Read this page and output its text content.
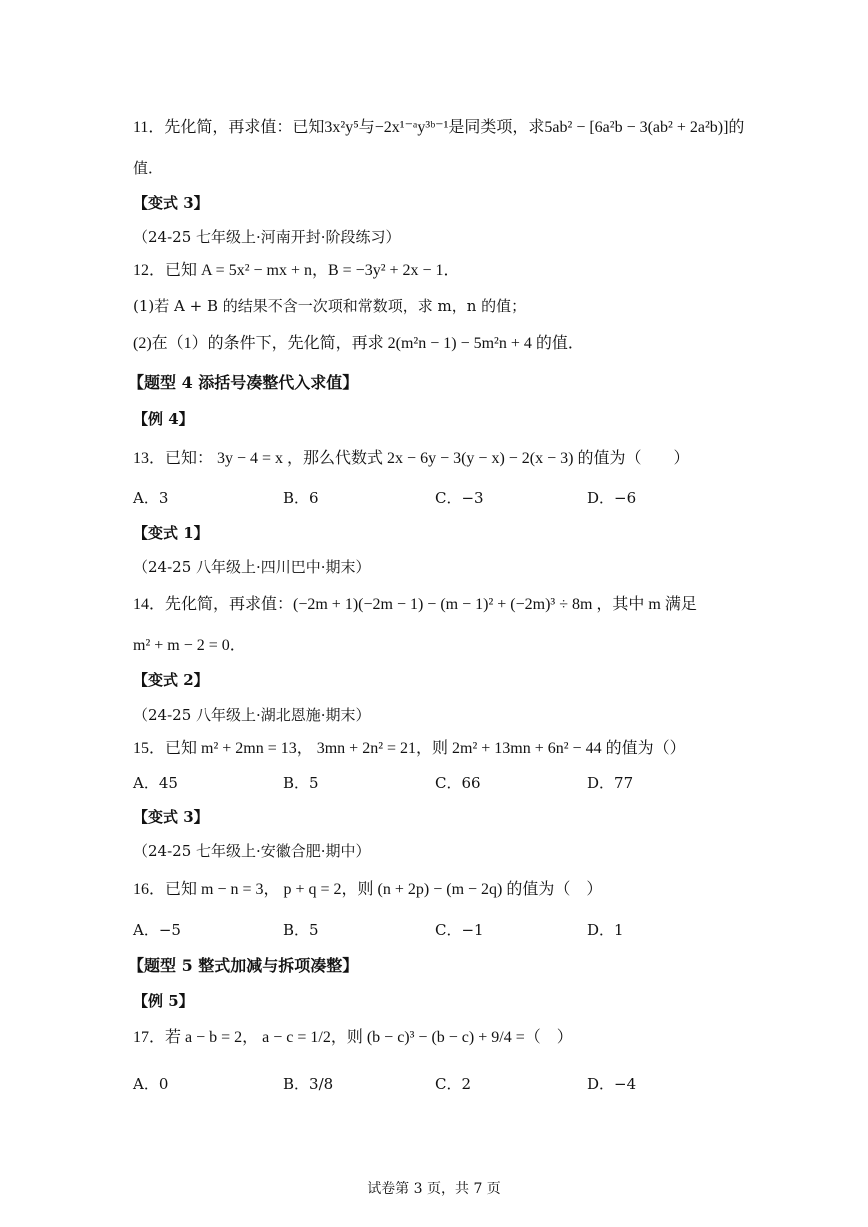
11．先化简，再求值：已知3x²y⁵与−2x¹⁻ᵃy³ᵇ⁻¹是同类项，求5ab² − [6a²b − 3(ab² + 2a²b)]的
值．
【变式 3】
（24-25 七年级上·河南开封·阶段练习）
12．已知 A = 5x² − mx + n，B = −3y² + 2x − 1．
(1)若 A + B 的结果不含一次项和常数项，求 m，n 的值；
(2)在（1）的条件下，先化简，再求 2(m²n − 1) − 5m²n + 4 的值．
【题型 4 添括号凑整代入求值】
【例 4】
13．已知： 3y − 4 = x ，那么代数式 2x − 6y − 3(y − x) − 2(x − 3) 的值为（　　）
A．3	B．6	C．−3	D．−6
【变式 1】
（24-25 八年级上·四川巴中·期末）
14．先化简，再求值：(−2m + 1)(−2m − 1) − (m − 1)² + (−2m)³ ÷ 8m ，其中 m 满足
m² + m − 2 = 0．
【变式 2】
（24-25 八年级上·湖北恩施·期末）
15．已知 m² + 2mn = 13， 3mn + 2n² = 21，则 2m² + 13mn + 6n² − 44 的值为（）
A．45	B．5	C．66	D．77
【变式 3】
（24-25 七年级上·安徽合肥·期中）
16．已知 m − n = 3， p + q = 2，则 (n + 2p) − (m − 2q) 的值为（　）
A．−5	B．5	C．−1	D．1
【题型 5 整式加减与拆项凑整】
【例 5】
17．若 a − b = 2， a − c = 1/2，则 (b − c)³ − (b − c) + 9/4 =（　）
A．0	B．3/8	C．2	D．−4
试卷第 3 页，共 7 页
